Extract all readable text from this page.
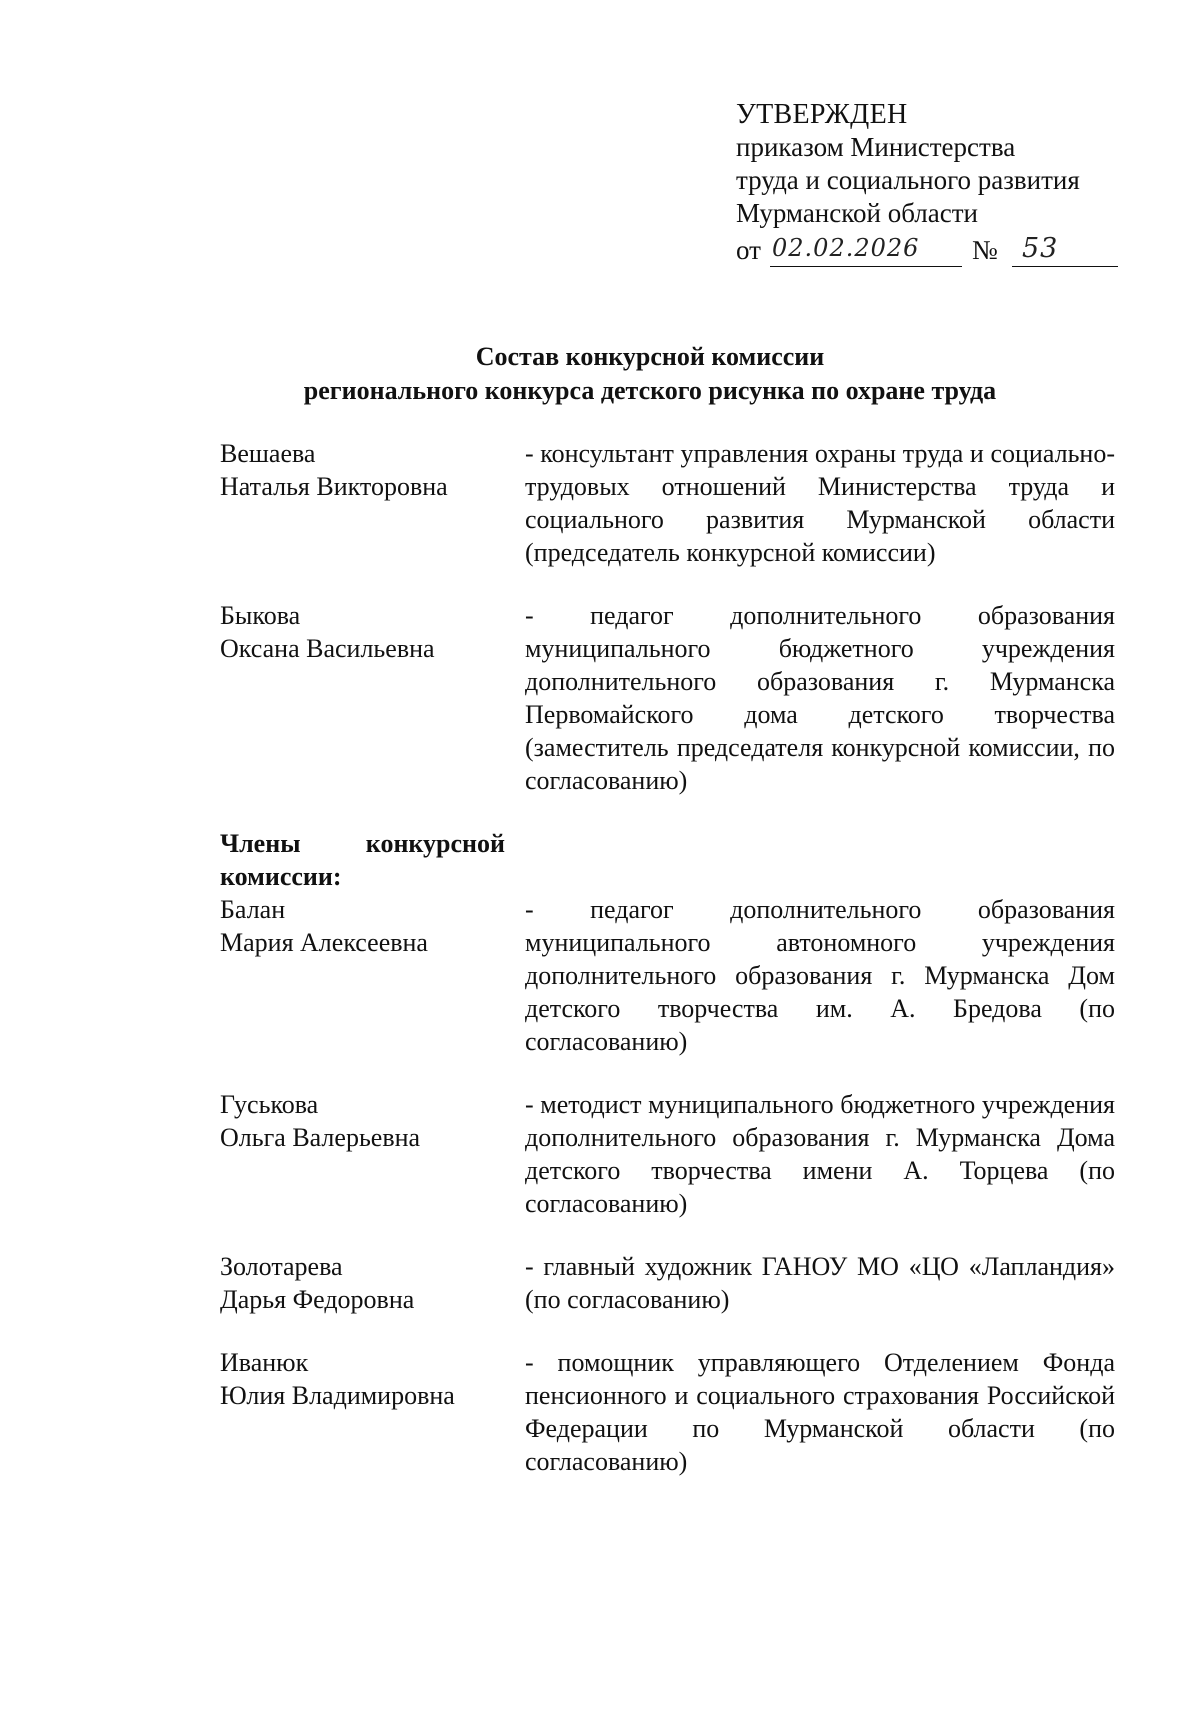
УТВЕРЖДЕН
приказом Министерства
труда и социального развития
Мурманской области
от 02.02.2026 № 53
Состав конкурсной комиссии
регионального конкурса детского рисунка по охране труда
Вешаева
Наталья Викторовна
- консультант управления охраны труда и социально-трудовых отношений Министерства труда и социального развития Мурманской области (председатель конкурсной комиссии)
Быкова
Оксана Васильевна
- педагог дополнительного образования муниципального бюджетного учреждения дополнительного образования г. Мурманска Первомайского дома детского творчества (заместитель председателя конкурсной комиссии, по согласованию)
Члены конкурсной
комиссии:
Балан
Мария Алексеевна
- педагог дополнительного образования муниципального автономного учреждения дополнительного образования г. Мурманска Дом детского творчества им. А. Бредова (по согласованию)
Гуськова
Ольга Валерьевна
- методист муниципального бюджетного учреждения дополнительного образования г. Мурманска Дома детского творчества имени А. Торцева (по согласованию)
Золотарева
Дарья Федоровна
- главный художник ГАНОУ МО «ЦО «Лапландия» (по согласованию)
Иванюк
Юлия Владимировна
- помощник управляющего Отделением Фонда пенсионного и социального страхования Российской Федерации по Мурманской области (по согласованию)
